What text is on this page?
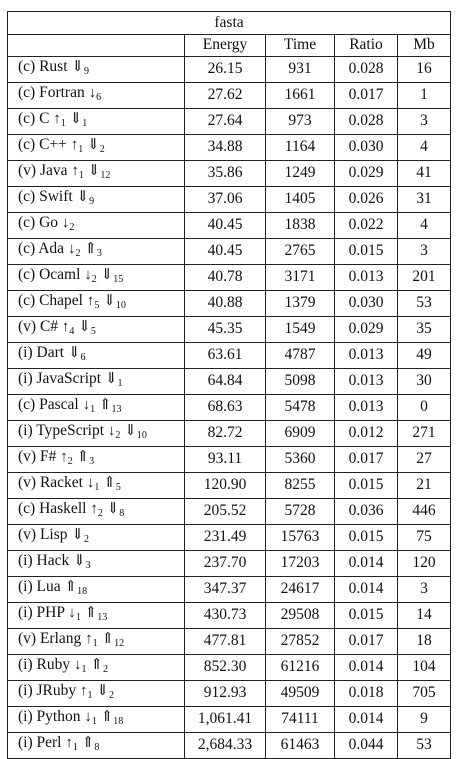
fasta				
	Energy	Time	Ratio	Mb
(c) Rust $⇓_9$	26.15	931	0.028	16
(c) Fortran $↓_6$	27.62	1661	0.017	1
(c) C $↑_1$ $⇓_1$	27.64	973	0.028	3
(c) $C++ ↑_1$ $⇓_2$	34.88	1164	0.030	4
(v) Java $↑_1$ $⇓_{12}$	35.86	1249	0.029	41
(c) Swift $⇓_9$	37.06	1405	0.026	31
(c) Go $↓_2$	40.45	1838	0.022	4
(c) Ada $↓_2$ $⇑_3$	40.45	2765	0.015	3
(c) Ocaml $↓_2$ $⇓_{15}$	40.78	3171	0.013	201
(c) Chapel $↑_5$ $⇓_{10}$	40.88	1379	0.030	53
(v) C# $↑_4$ $⇓_5$	45.35	1549	0.029	35
(i) Dart $⇓_6$	63.61	4787	0.013	49
(i) JavaScript $⇓_1$	64.84	5098	0.013	30
(c) Pascal $↓_1$ $⇑_{13}$	68.63	5478	0.013	0
(i) TypeScript $↓_2$ $⇓_{10}$	82.72	6909	0.012	271
(v) F# $↑_2$ $⇑_3$	93.11	5360	0.017	27
(v) Racket $↓_1$ $⇑_5$	120.90	8255	0.015	21
(c) Haskell $↑_2$ $⇓_8$	205.52	5728	0.036	446
(v) Lisp $⇓_2$	231.49	15763	0.015	75
(i) Hack $⇓_3$	237.70	17203	0.014	120
(i) Lua $⇑_{18}$	347.37	24617	0.014	3
(i) PHP $↓_1$ $⇑_{13}$	430.73	29508	0.015	14
(v) Erlang $↑_1$ $⇑_{12}$	477.81	27852	0.017	18
(i) Ruby $↓_1$ $⇑_2$	852.30	61216	0.014	104
(i) JRuby $↑_1$ $⇓_2$	912.93	49509	0.018	705
(i) Python $↓_1$ $⇑_{18}$	1,061.41	74111	0.014	9
(i) Perl $↑_1$ $⇑_8$	2,684.33	61463	0.044	53
